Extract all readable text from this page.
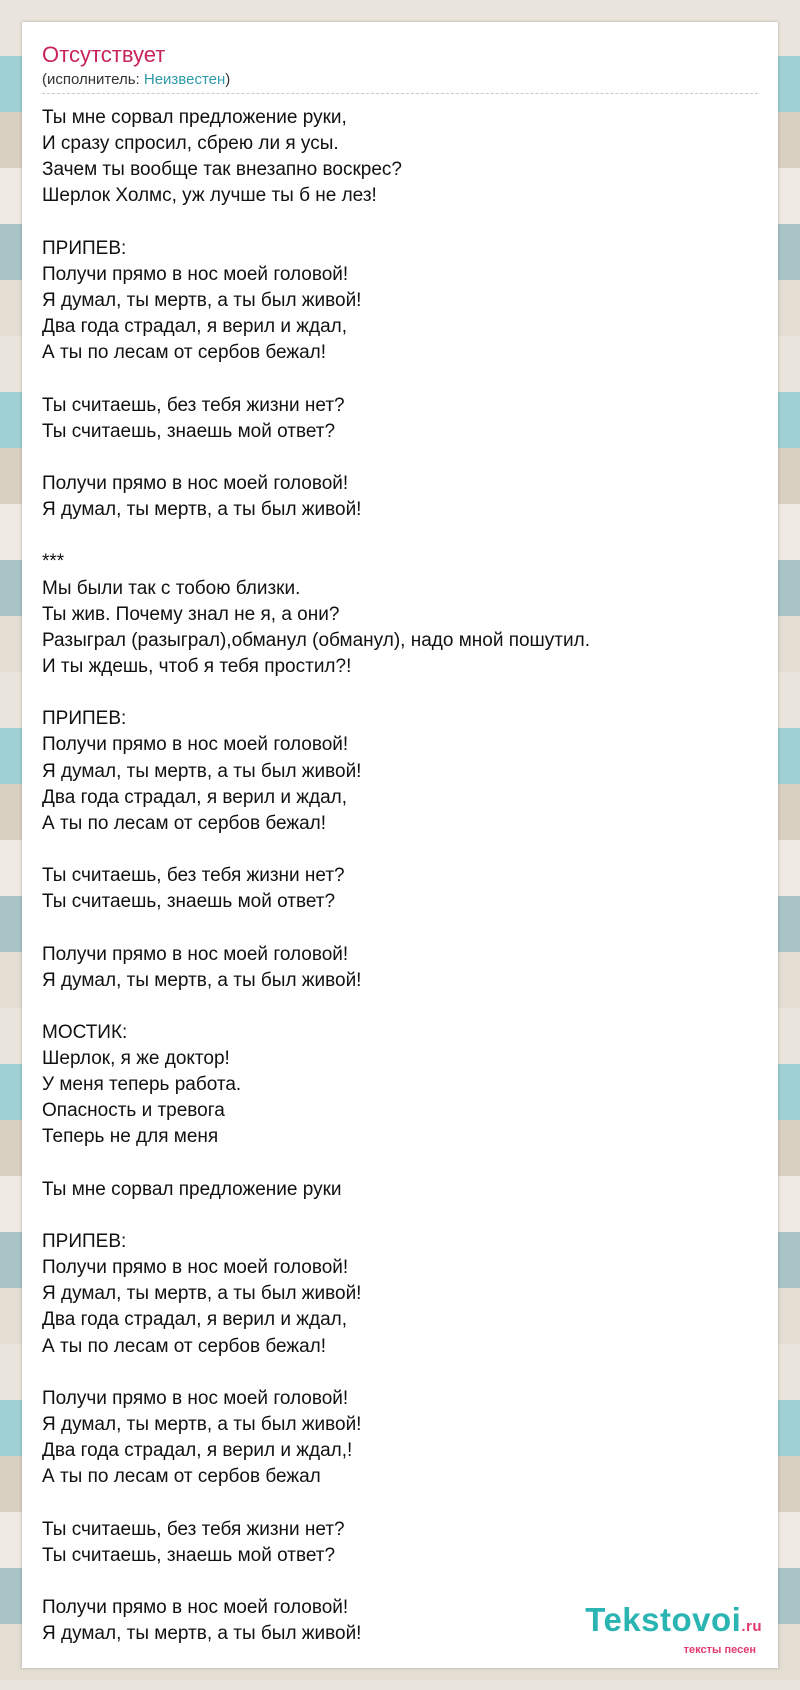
Отсутствует
(исполнитель: Неизвестен)
Ты мне сорвал предложение руки,
И сразу спросил, сбрею ли я усы.
Зачем ты вообще так внезапно воскрес?
Шерлок Холмс, уж лучше ты б не лез!
ПРИПЕВ:
Получи прямо в нос моей головой!
Я думал, ты мертв, а ты был живой!
Два года страдал, я верил и ждал,
А ты по лесам от сербов бежал!
Ты считаешь, без тебя жизни нет?
Ты считаешь, знаешь мой ответ?
Получи прямо в нос моей головой!
Я думал, ты мертв, а ты был живой!
***
Мы были так с тобою близки.
Ты жив. Почему знал не я, а они?
Разыграл (разыграл),обманул (обманул), надо мной пошутил.
И ты ждешь, чтоб я тебя простил?!
ПРИПЕВ:
Получи прямо в нос моей головой!
Я думал, ты мертв, а ты был живой!
Два года страдал, я верил и ждал,
А ты по лесам от сербов бежал!
Ты считаешь, без тебя жизни нет?
Ты считаешь, знаешь мой ответ?
Получи прямо в нос моей головой!
Я думал, ты мертв, а ты был живой!
МОСТИК:
Шерлок, я же доктор!
У меня теперь работа.
Опасность и тревога
Теперь не для меня
Ты мне сорвал предложение руки
ПРИПЕВ:
Получи прямо в нос моей головой!
Я думал, ты мертв, а ты был живой!
Два года страдал, я верил и ждал,
А ты по лесам от сербов бежал!
Получи прямо в нос моей головой!
Я думал, ты мертв, а ты был живой!
Два года страдал, я верил и ждал,!
А ты по лесам от сербов бежал
Ты считаешь, без тебя жизни нет?
Ты считаешь, знаешь мой ответ?
Получи прямо в нос моей головой!
Я думал, ты мертв, а ты был живой!	Tekstovoi.ru
тексты песен
